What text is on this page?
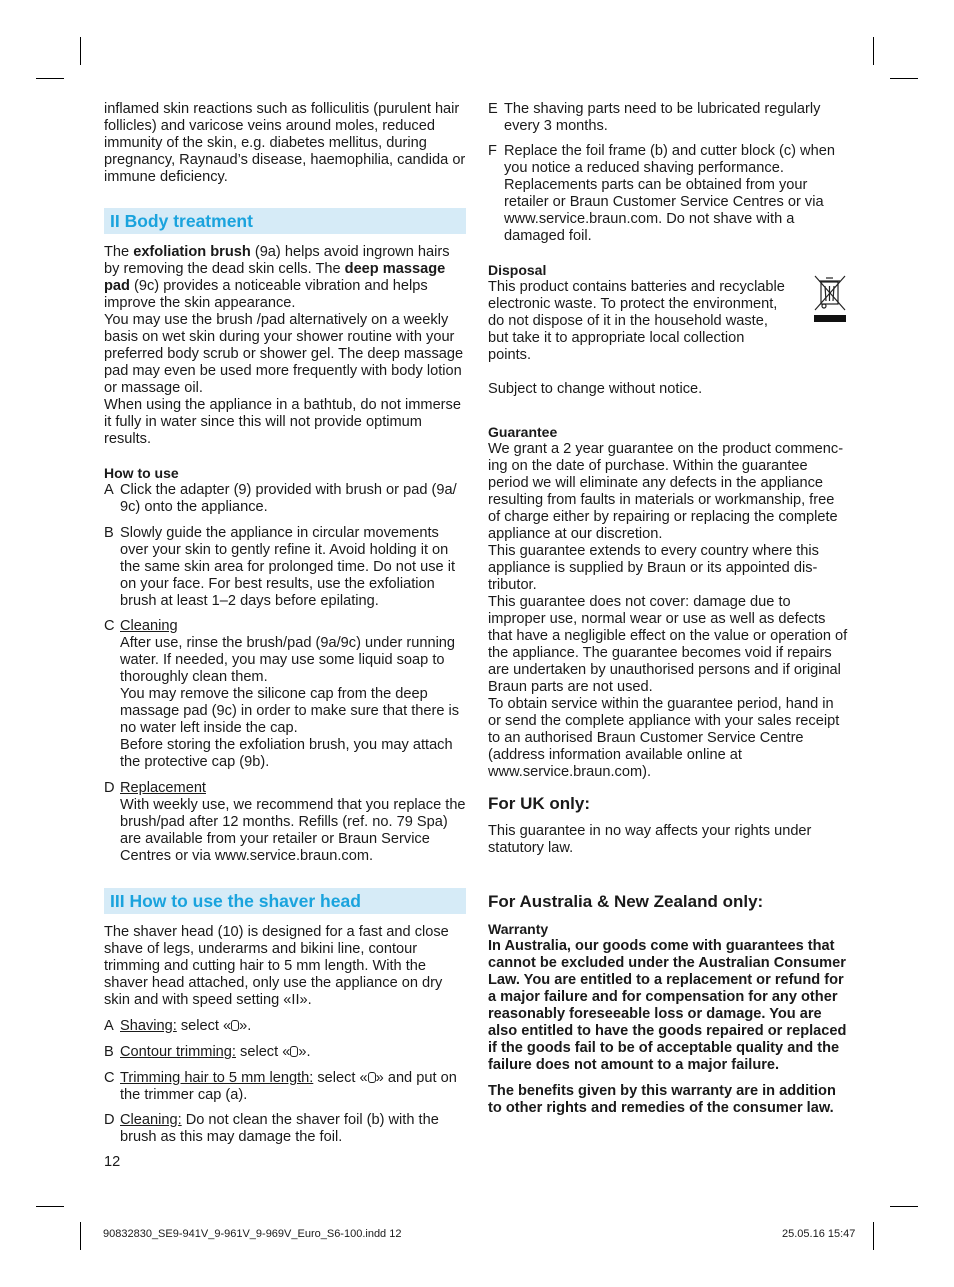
inflamed skin reactions such as folliculitis (purulent hair follicles) and varicose veins around moles, reduced immunity of the skin, e.g. diabetes mellitus, during pregnancy, Raynaud’s disease, haemophilia, candida or immune deficiency.

II Body treatment

The exfoliation brush (9a) helps avoid ingrown hairs by removing the dead skin cells. The deep massage pad (9c) provides a noticeable vibration and helps improve the skin appearance.

You may use the brush /pad alternatively on a weekly basis on wet skin during your shower routine with your preferred body scrub or shower gel. The deep massage pad may even be used more frequently with body lotion or massage oil.

When using the appliance in a bathtub, do not immerse it fully in water since this will not provide optimum results.

How to use

A Click the adapter (9) provided with brush or pad (9a/ 9c) onto the appliance.
B Slowly guide the appliance in circular movements over your skin to gently refine it. Avoid holding it on the same skin area for prolonged time. Do not use it on your face. For best results, use the exfoliation brush at least 1–2 days before epilating.
C Cleaning

After use, rinse the brush/pad (9a/9c) under running water. If needed, you may use some liquid soap to thoroughly clean them.

You may remove the silicone cap from the deep massage pad (9c) in order to make sure that there is no water left inside the cap.

Before storing the exfoliation brush, you may attach the protective cap (9b).

D Replacement

With weekly use, we recommend that you replace the brush/pad after 12 months. Refills (ref. no. 79 Spa) are available from your retailer or Braun Service Centres or via www.service.braun.com.

III How to use the shaver head

The shaver head (10) is designed for a fast and close shave of legs, underarms and bikini line, contour trimming and cutting hair to 5 mm length. With the shaver head attached, only use the appliance on dry skin and with speed setting «II».

A Shaving: select « ».
B Contour trimming: select « ».
C Trimming hair to 5 mm length: select « » and put on the trimmer cap (a).
D Cleaning: Do not clean the shaver foil (b) with the brush as this may damage the foil.

12

E The shaving parts need to be lubricated regularly every 3 months.
F Replace the foil frame (b) and cutter block (c) when you notice a reduced shaving performance. Replacements parts can be obtained from your retailer or Braun Customer Service Centres or via www.service.braun.com. Do not shave with a damaged foil.

Disposal

This product contains batteries and recyclable electronic waste. To protect the environment, do not dispose of it in the household waste, but take it to appropriate local collection points.

Subject to change without notice.

Guarantee

We grant a 2 year guarantee on the product commencing on the date of purchase. Within the guarantee period we will eliminate any defects in the appliance resulting from faults in materials or workmanship, free of charge either by repairing or replacing the complete appliance at our discretion.

This guarantee extends to every country where this appliance is supplied by Braun or its appointed distributor.

This guarantee does not cover: damage due to improper use, normal wear or use as well as defects that have a negligible effect on the value or operation of the appliance. The guarantee becomes void if repairs are undertaken by unauthorised persons and if original Braun parts are not used.

To obtain service within the guarantee period, hand in or send the complete appliance with your sales receipt to an authorised Braun Customer Service Centre (address information available online at www.service.braun.com).

For UK only:

This guarantee in no way affects your rights under statutory law.

For Australia & New Zealand only:

Warranty

In Australia, our goods come with guarantees that cannot be excluded under the Australian Consumer Law. You are entitled to a replacement or refund for a major failure and for compensation for any other reasonably foreseeable loss or damage. You are also entitled to have the goods repaired or replaced if the goods fail to be of acceptable quality and the failure does not amount to a major failure.

The benefits given by this warranty are in addition to other rights and remedies of the consumer law.

90832830_SE9-941V_9-961V_9-969V_Euro_S6-100.indd 12	25.05.16 15:47
